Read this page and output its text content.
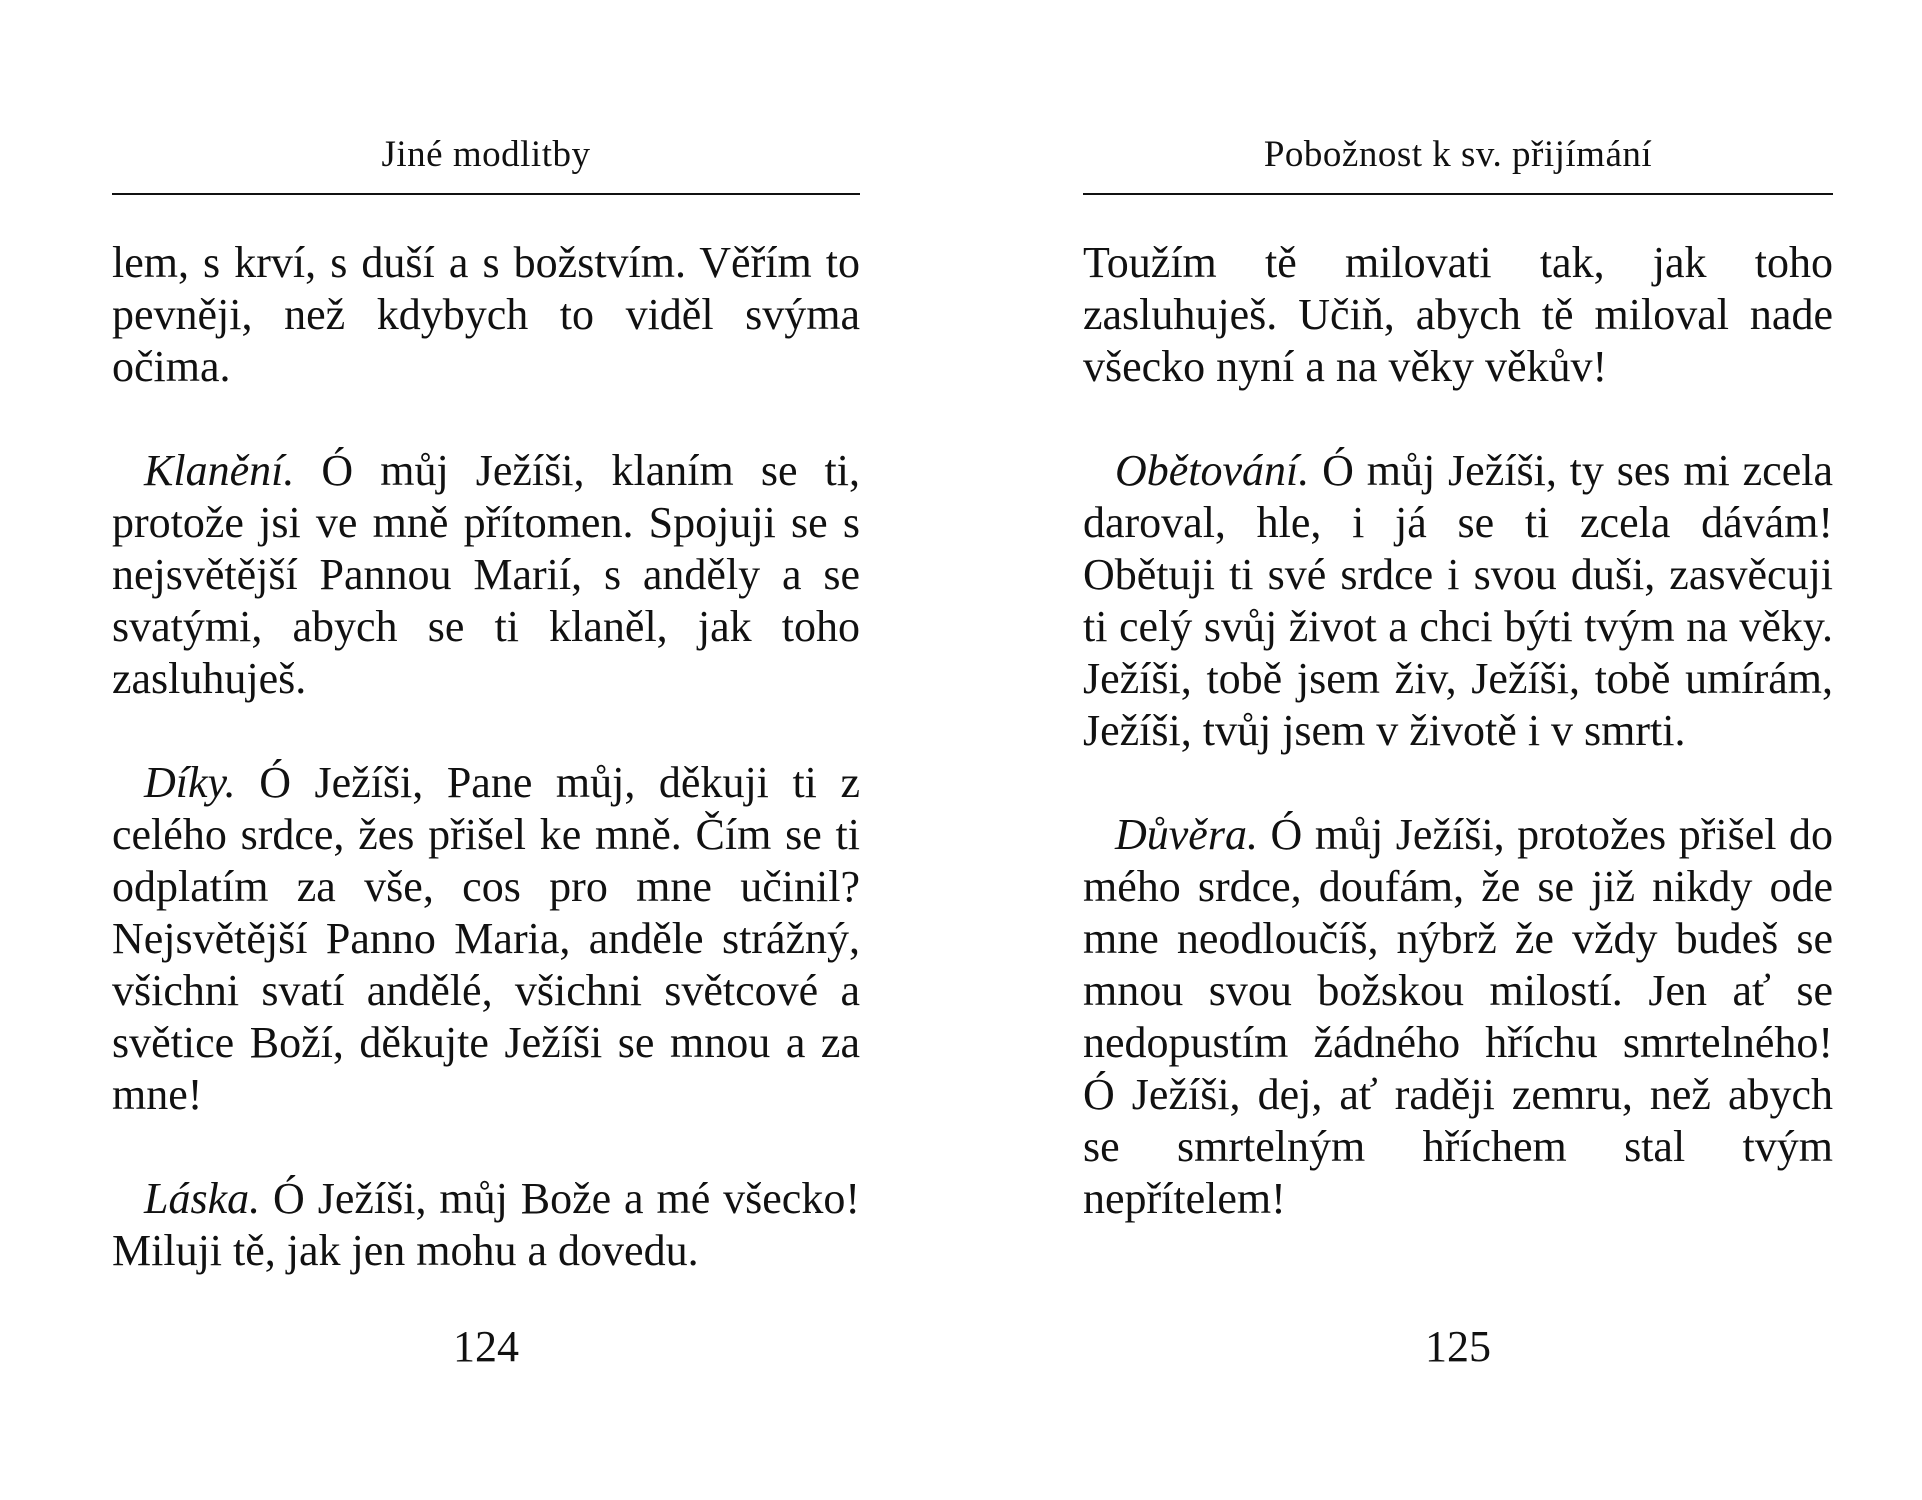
Jiné modlitby

lem, s krví, s duší a s božstvím. Věřím to pevněji, než kdybych to viděl svýma očima.

Klanění. Ó můj Ježíši, klaním se ti, protože jsi ve mně přítomen. Spojuji se s nejsvětější Pannou Marií, s anděly a se svatými, abych se ti klaněl, jak toho zasluhuješ.

Díky. Ó Ježíši, Pane můj, děkuji ti z celého srdce, žes přišel ke mně. Čím se ti odplatím za vše, cos pro mne učinil? Nejsvětější Panno Maria, anděle strážný, všichni svatí andělé, všichni světcové a světice Boží, děkujte Ježíši se mnou a za mne!

Láska. Ó Ježíši, můj Bože a mé všecko! Miluji tě, jak jen mohu a dovedu.

124
Pobožnost k sv. přijímání

Toužím tě milovati tak, jak toho zasluhuješ. Učiň, abych tě miloval nade všecko nyní a na věky věkův!

Obětování. Ó můj Ježíši, ty ses mi zcela daroval, hle, i já se ti zcela dávám! Obětuji ti své srdce i svou duši, zasvěcuji ti celý svůj život a chci býti tvým na věky. Ježíši, tobě jsem živ, Ježíši, tobě umírám, Ježíši, tvůj jsem v životě i v smrti.

Důvěra. Ó můj Ježíši, protožes přišel do mého srdce, doufám, že se již nikdy ode mne neodloučíš, nýbrž že vždy budeš se mnou svou božskou milostí. Jen ať se nedopustím žádného hříchu smrtelného! Ó Ježíši, dej, ať raději zemru, než abych se smrtelným hříchem stal tvým nepřítelem!

125
